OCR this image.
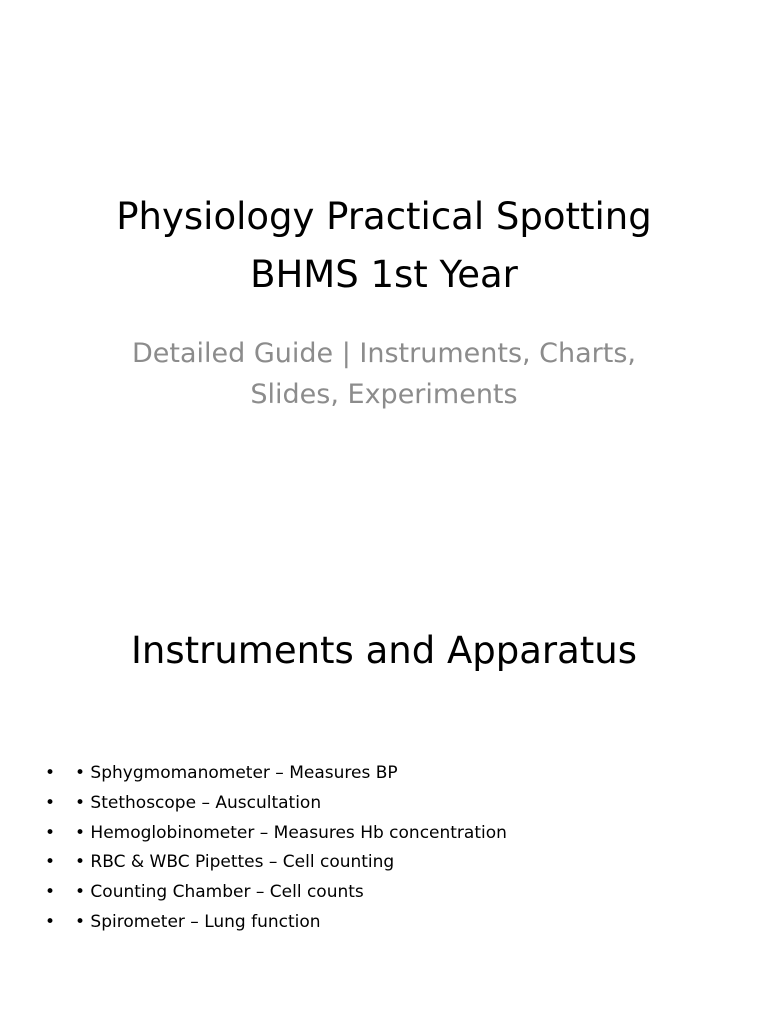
Physiology Practical Spotting
BHMS 1st Year
Detailed Guide | Instruments, Charts,
Slides, Experiments
Instruments and Apparatus
• • Sphygmomanometer – Measures BP
• • Stethoscope – Auscultation
• • Hemoglobinometer – Measures Hb concentration
• • RBC & WBC Pipettes – Cell counting
• • Counting Chamber – Cell counts
• • Spirometer – Lung function
